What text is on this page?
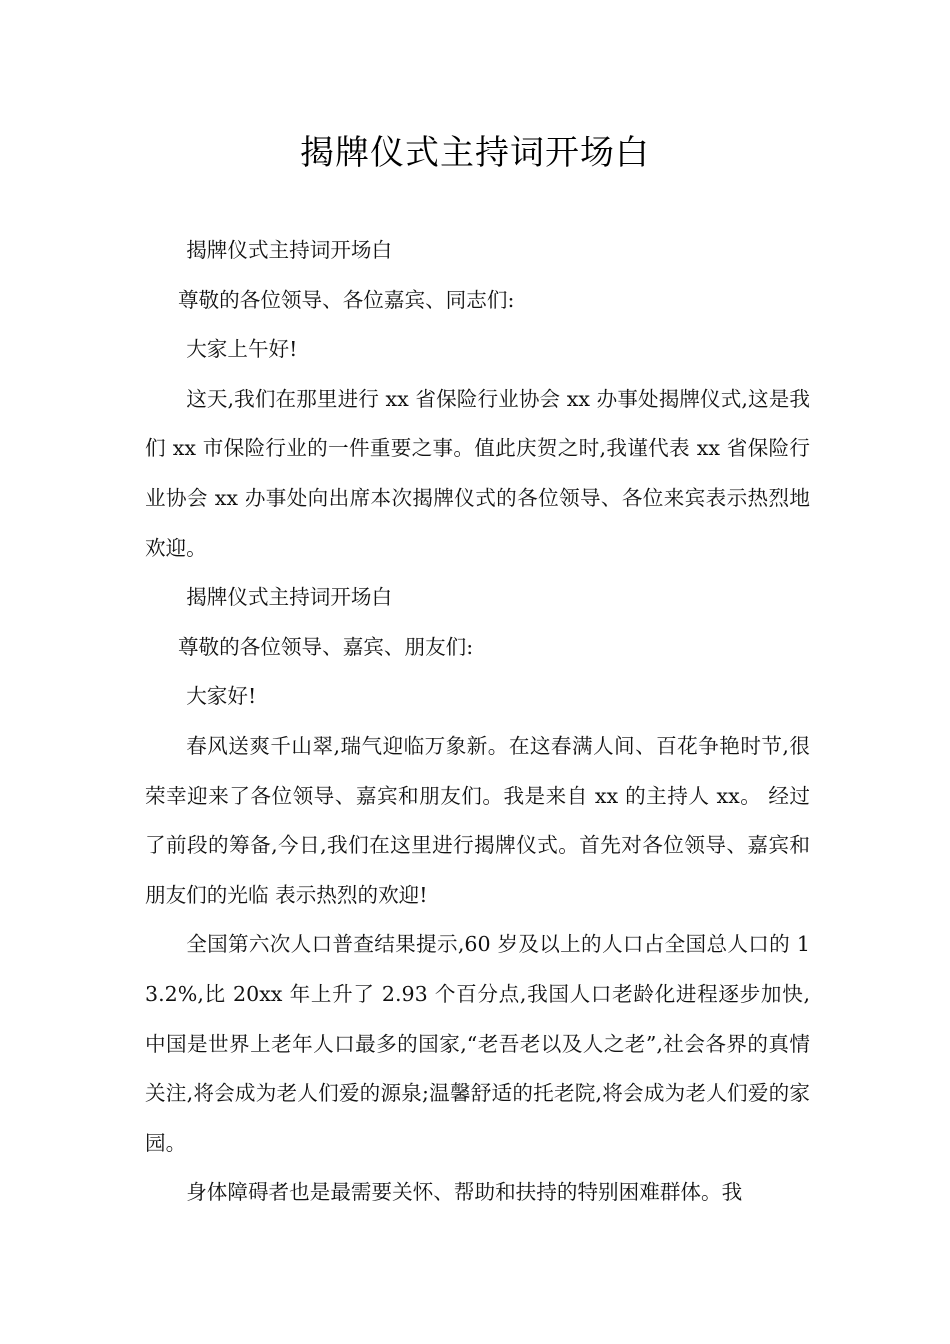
揭牌仪式主持词开场白

揭牌仪式主持词开场白

尊敬的各位领导、各位嘉宾、同志们:

大家上午好!

这天,我们在那里进行 xx 省保险行业协会 xx 办事处揭牌仪式,这是我们 xx 市保险行业的一件重要之事。值此庆贺之时,我谨代表 xx 省保险行业协会 xx 办事处向出席本次揭牌仪式的各位领导、各位来宾表示热烈地欢迎。

揭牌仪式主持词开场白

尊敬的各位领导、嘉宾、朋友们:

大家好!

春风送爽千山翠,瑞气迎临万象新。在这春满人间、百花争艳时节,很荣幸迎来了各位领导、嘉宾和朋友们。我是来自 xx 的主持人 xx。 经过了前段的筹备,今日,我们在这里进行揭牌仪式。首先对各位领导、嘉宾和朋友们的光临 表示热烈的欢迎!

全国第六次人口普查结果提示,60 岁及以上的人口占全国总人口的 13.2%,比 20xx 年上升了 2.93 个百分点,我国人口老龄化进程逐步加快,中国是世界上老年人口最多的国家,“老吾老以及人之老”,社会各界的真情关注,将会成为老人们爱的源泉;温馨舒适的托老院,将会成为老人们爱的家园。

身体障碍者也是最需要关怀、帮助和扶持的特别困难群体。我
